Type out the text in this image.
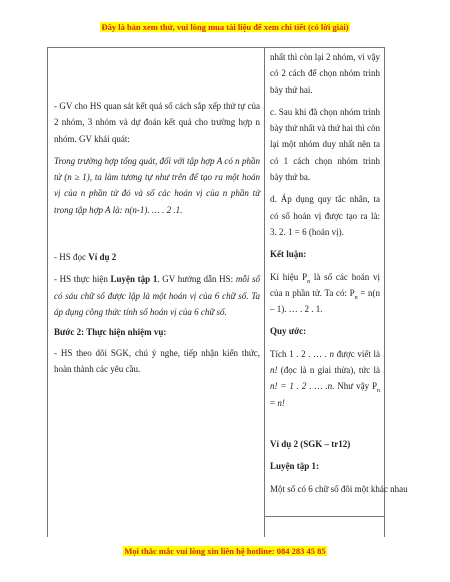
Đây là bản xem thử, vui lòng mua tài liệu để xem chi tiết (có lời giải)

- GV cho HS quan sát kết quả số cách sắp xếp thứ tự của 2 nhóm, 3 nhóm và dự đoán kết quả cho trường hợp n nhóm. GV khái quát:

Trong trường hợp tổng quát, đối với tập hợp A có n phần tử (n ≥ 1), ta làm tương tự như trên để tạo ra một hoán vị của n phần tử đó và số các hoán vị của n phần tử trong tập hợp A là: n(n-1). … . 2 .1.

- HS đọc Ví dụ 2

- HS thực hiện Luyện tập 1. GV hướng dẫn HS: mỗi số có sáu chữ số được lập là một hoán vị của 6 chữ số. Ta áp dụng công thức tính số hoán vị của 6 chữ số.

Bước 2: Thực hiện nhiệm vụ:

- HS theo dõi SGK, chú ý nghe, tiếp nhận kiến thức, hoàn thành các yêu cầu.

nhất thì còn lại 2 nhóm, vì vậy có 2 cách để chọn nhóm trình bày thứ hai.

c. Sau khi đã chọn nhóm trình bày thứ nhất và thứ hai thì còn lại một nhóm duy nhất nên ta có 1 cách chọn nhóm trình bày thứ ba.

d. Áp dụng quy tắc nhân, ta có số hoán vị được tạo ra là: 3. 2. 1 = 6 (hoán vị).

Kết luận:

Kí hiệu $P_n$ là số các hoán vị của n phần tử. Ta có: $P_n = n(n - 1)$. … . 2 . 1.

Quy ước:

Tích 1 . 2 . … . n được viết là n! (đọc là n giai thừa), tức là n! = 1 . 2 . … .n. Như vậy $P_n = n$!

Ví dụ 2 (SGK – tr12)

Luyện tập 1:

Một số có 6 chữ số đôi một khác nhau

Mọi thắc mắc vui lòng xin liên hệ hotline: 084 283 45 85
